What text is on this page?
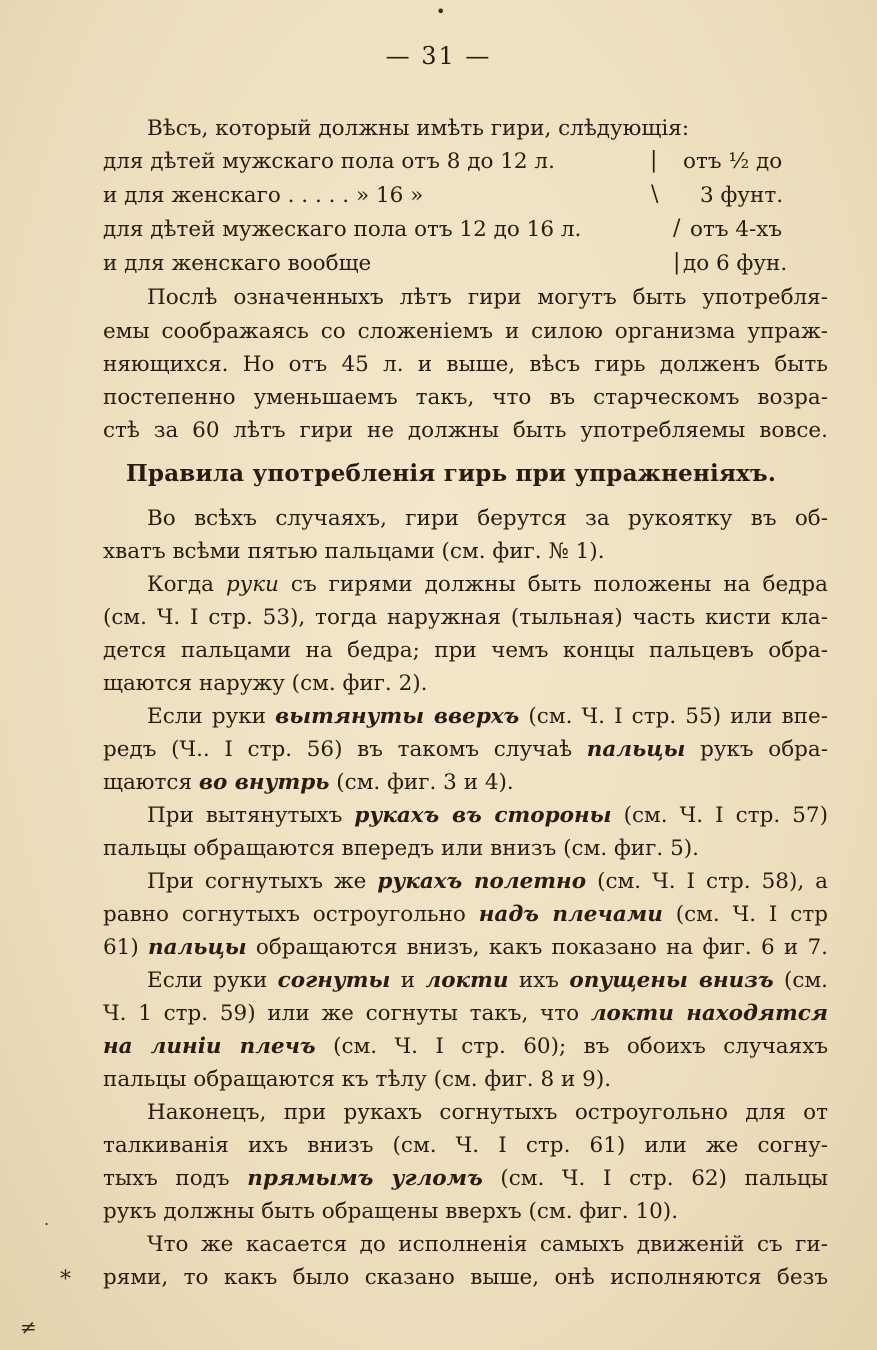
— 31 —
Вѣсъ, который должны имѣть гири, слѣдующія:
для дѣтей мужскаго пола отъ 8 до 12 л.	| отъ ½ до
и для женскаго . . . . . » 16 »	\ 3 фунт.
для дѣтей мужескаго пола отъ 12 до 16 л.	/ отъ 4-хъ
и для женскаго вообще	| до 6 фун.
Послѣ означенныхъ лѣтъ гири могутъ быть употребля-
емы соображаясь со сложеніемъ и силою организма упраж-
няющихся. Но отъ 45 л. и выше, вѣсъ гирь долженъ быть
постепенно уменьшаемъ такъ, что въ старческомъ возра-
стѣ за 60 лѣтъ гири не должны быть употребляемы вовсе.
Правила употребленія гирь при упражненіяхъ.
Во всѣхъ случаяхъ, гири берутся за рукоятку въ об-
хватъ всѣми пятью пальцами (см. фиг. № 1).
Когда руки съ гирями должны быть положены на бедра
(см. Ч. I стр. 53), тогда наружная (тыльная) часть кисти кла-
дется пальцами на бедра; при чемъ концы пальцевъ обра-
щаются наружу (см. фиг. 2).
Если руки вытянуты вверхъ (см. Ч. I стр. 55) или впе-
редъ (Ч.. I стр. 56) въ такомъ случаѣ пальцы рукъ обра-
щаются во внутрь (см. фиг. 3 и 4).
При вытянутыхъ рукахъ въ стороны (см. Ч. I стр. 57)
пальцы обращаются впередъ или внизъ (см. фиг. 5).
При согнутыхъ же рукахъ полетно (см. Ч. I стр. 58), а
равно согнутыхъ остроугольно надъ плечами (см. Ч. I стр
61) пальцы обращаются внизъ, какъ показано на фиг. 6 и 7.
Если руки согнуты и локти ихъ опущены внизъ (см.
Ч. 1 стр. 59) или же согнуты такъ, что локти находятся
на линіи плечъ (см. Ч. I стр. 60); въ обоихъ случаяхъ
пальцы обращаются къ тѣлу (см. фиг. 8 и 9).
Наконецъ, при рукахъ согнутыхъ остроугольно для от
талкиванія ихъ внизъ (см. Ч. I стр. 61) или же согну-
тыхъ подъ прямымъ угломъ (см. Ч. I стр. 62) пальцы
рукъ должны быть обращены вверхъ (см. фиг. 10).
Что же касается до исполненія самыхъ движеній съ ги-
рями, то какъ было сказано выше, онѣ исполняются безъ
•
.
⁎
≠
